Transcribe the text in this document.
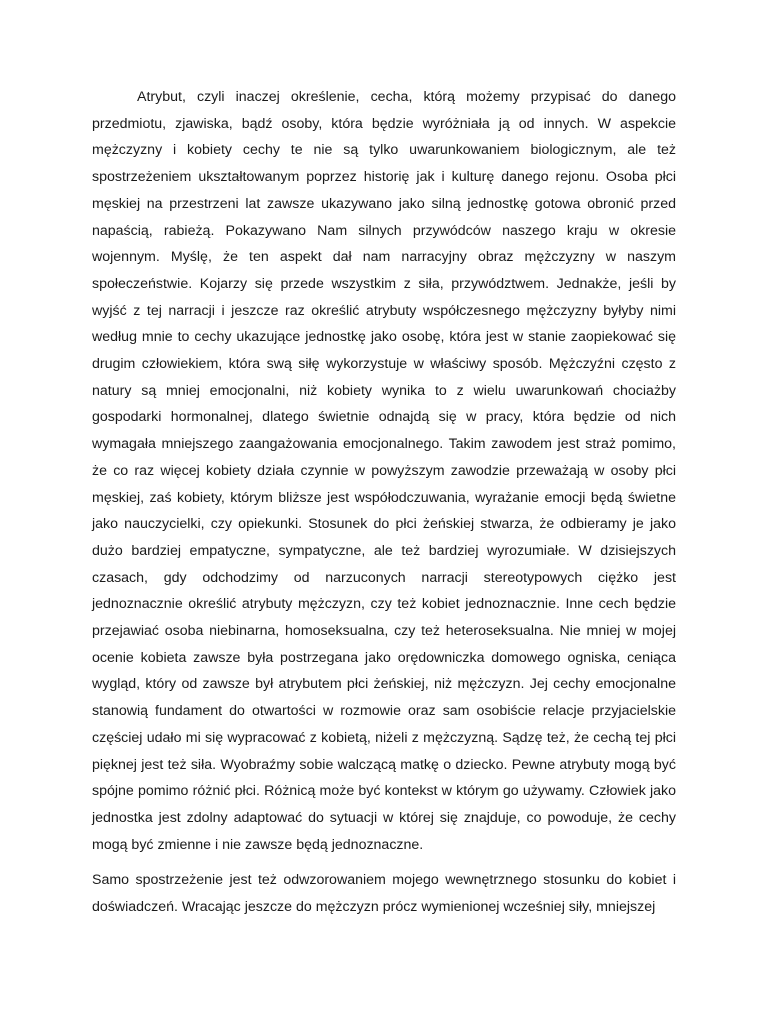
Atrybut, czyli inaczej określenie, cecha, którą możemy przypisać do danego przedmiotu, zjawiska, bądź osoby, która będzie wyróżniała ją od innych. W aspekcie mężczyzny i kobiety cechy te nie są tylko uwarunkowaniem biologicznym, ale też spostrzeżeniem ukształtowanym poprzez historię jak i kulturę danego rejonu. Osoba płci męskiej na przestrzeni lat zawsze ukazywano jako silną jednostkę gotowa obronić przed napaścią, rabieżą. Pokazywano Nam silnych przywódców naszego kraju w okresie wojennym. Myślę, że ten aspekt dał nam narracyjny obraz mężczyzny w naszym społeczeństwie. Kojarzy się przede wszystkim z siła, przywództwem. Jednakże, jeśli by wyjść z tej narracji i jeszcze raz określić atrybuty współczesnego mężczyzny byłyby nimi według mnie to cechy ukazujące jednostkę jako osobę, która jest w stanie zaopiekować się drugim człowiekiem, która swą siłę wykorzystuje w właściwy sposób. Mężczyźni często z natury są mniej emocjonalni, niż kobiety wynika to z wielu uwarunkowań chociażby gospodarki hormonalnej, dlatego świetnie odnajdą się w pracy, która będzie od nich wymagała mniejszego zaangażowania emocjonalnego. Takim zawodem jest straż pomimo, że co raz więcej kobiety działa czynnie w powyższym zawodzie przeważają w osoby płci męskiej, zaś kobiety, którym bliższe jest współodczuwania, wyrażanie emocji będą świetne jako nauczycielki, czy opiekunki. Stosunek do płci żeńskiej stwarza, że odbieramy je jako dużo bardziej empatyczne, sympatyczne, ale też bardziej wyrozumiałe. W dzisiejszych czasach, gdy odchodzimy od narzuconych narracji stereotypowych ciężko jest jednoznacznie określić atrybuty mężczyzn, czy też kobiet jednoznacznie. Inne cech będzie przejawiać osoba niebinarna, homoseksualna, czy też heteroseksualna. Nie mniej w mojej ocenie kobieta zawsze była postrzegana jako orędowniczka domowego ogniska, ceniąca wygląd, który od zawsze był atrybutem płci żeńskiej, niż mężczyzn. Jej cechy emocjonalne stanowią fundament do otwartości w rozmowie oraz sam osobiście relacje przyjacielskie częściej udało mi się wypracować z kobietą, niżeli z mężczyzną. Sądzę też, że cechą tej płci pięknej jest też siła. Wyobraźmy sobie walczącą matkę o dziecko. Pewne atrybuty mogą być spójne pomimo różnić płci. Różnicą może być kontekst w którym go używamy. Człowiek jako jednostka jest zdolny adaptować do sytuacji w której się znajduje, co powoduje, że cechy mogą być zmienne i nie zawsze będą jednoznaczne.

Samo spostrzeżenie jest też odwzorowaniem mojego wewnętrznego stosunku do kobiet i doświadczeń. Wracając jeszcze do mężczyzn prócz wymienionej wcześniej siły, mniejszej
